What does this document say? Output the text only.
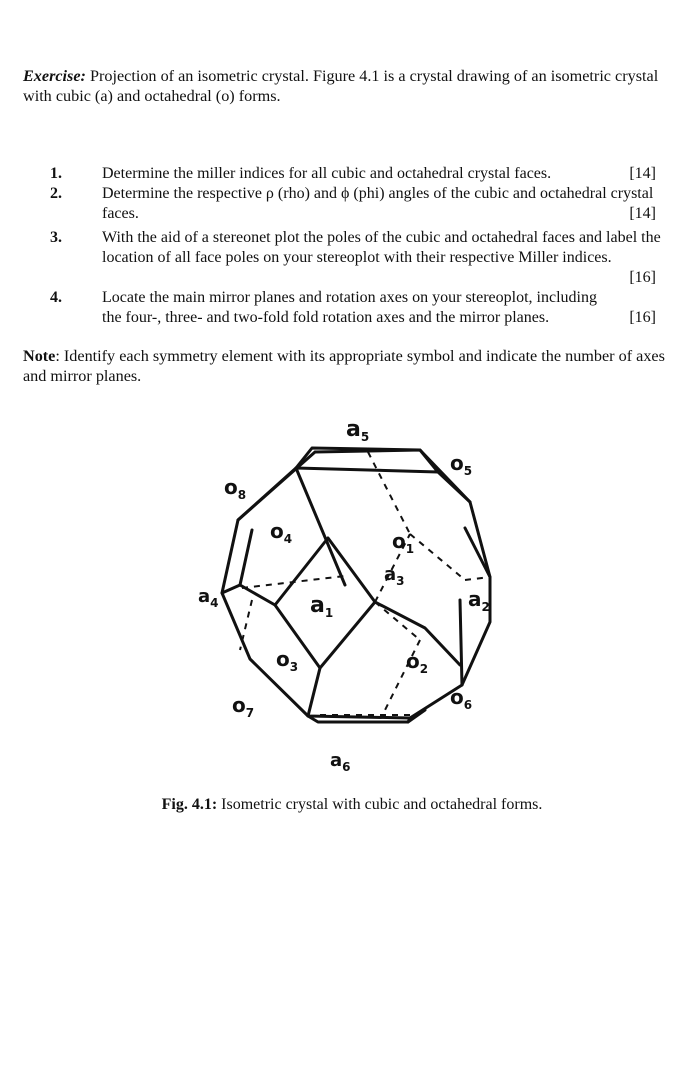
Exercise: Projection of an isometric crystal. Figure 4.1 is a crystal drawing of an isometric crystal with cubic (a) and octahedral (o) forms.
1.	Determine the miller indices for all cubic and octahedral crystal faces.	[14]
2.	Determine the respective ρ (rho) and ϕ (phi) angles of the cubic and octahedral crystal faces.	[14]
3.	With the aid of a stereonet plot the poles of the cubic and octahedral faces and label the location of all face poles on your stereoplot with their respective Miller indices.
[16]
4.	Locate the main mirror planes and rotation axes on your stereoplot, including the four-, three- and two-fold fold rotation axes and the mirror planes.	[16]
Note: Identify each symmetry element with its appropriate symbol and indicate the number of axes and mirror planes.
$a_5$
$o_5$
$o_8$
$o_4$	$o_1$
$a_3$
$a_4$	$a_1$
$a_2$
$o_3$	$o_2$
$o_7$
$o_6$
$a_6$
Fig. 4.1: Isometric crystal with cubic and octahedral forms.
